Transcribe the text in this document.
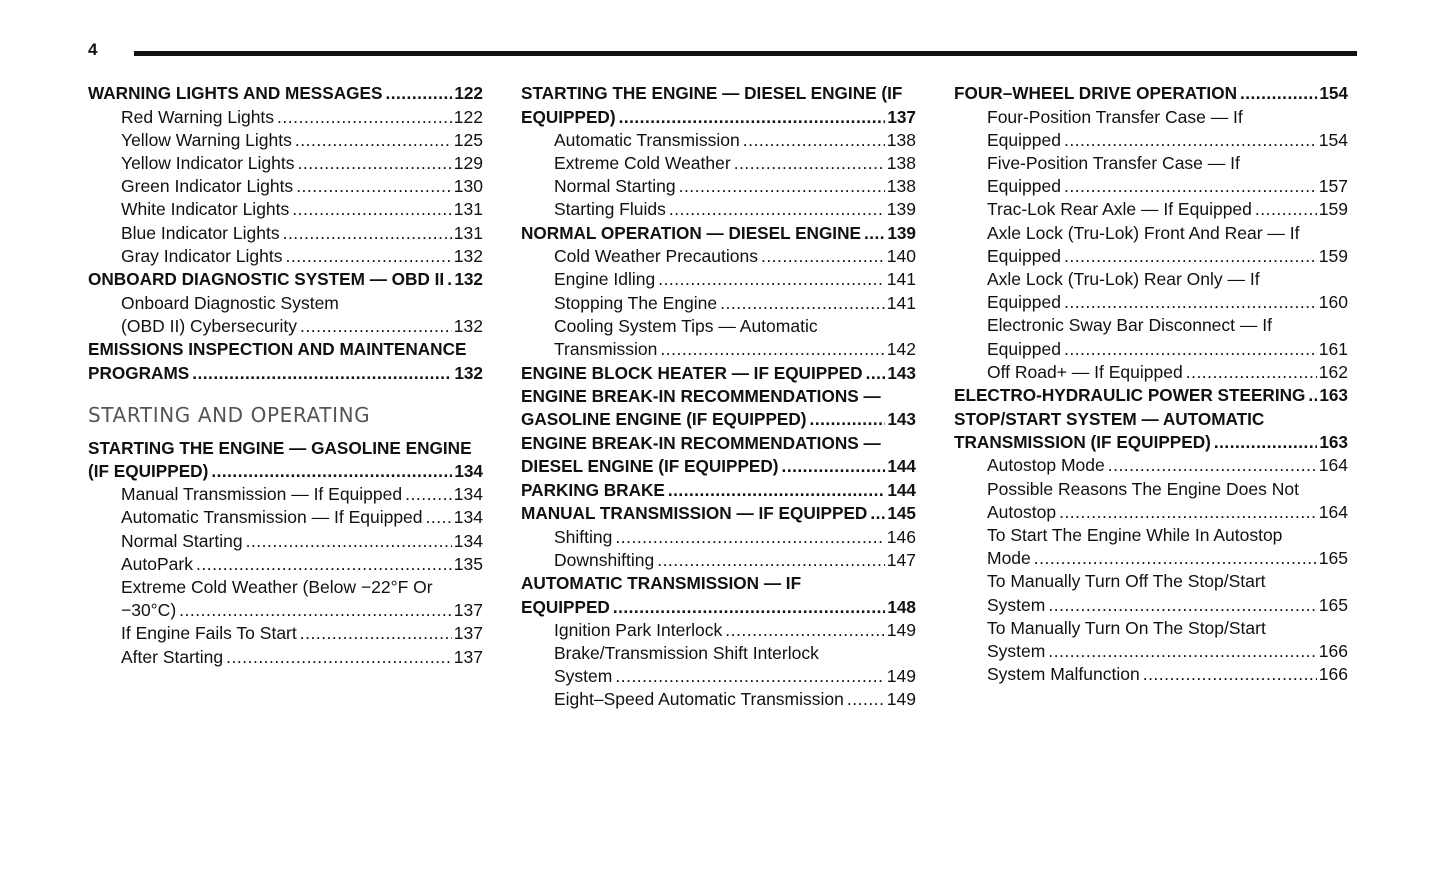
4
WARNING LIGHTS AND MESSAGES .....	122
Red Warning Lights .....	122
Yellow Warning Lights .....	125
Yellow Indicator Lights .....	129
Green Indicator Lights .....	130
White Indicator Lights .....	131
Blue Indicator Lights .....	131
Gray Indicator Lights .....	132
ONBOARD DIAGNOSTIC SYSTEM — OBD II ..... 132
Onboard Diagnostic System
(OBD II) Cybersecurity .....	132
EMISSIONS INSPECTION AND MAINTENANCE
PROGRAMS .....	132
STARTING AND OPERATING
STARTING THE ENGINE — GASOLINE ENGINE
(IF EQUIPPED) .....	134
Manual Transmission — If Equipped .....	134
Automatic Transmission — If Equipped ..... 134
Normal Starting .....	134
AutoPark .....	135
Extreme Cold Weather (Below −22°F Or
−30°C) .....	137
If Engine Fails To Start .....	137
After Starting .....	137
STARTING THE ENGINE — DIESEL ENGINE (IF
EQUIPPED) .....	137
Automatic Transmission .....	138
Extreme Cold Weather .....	138
Normal Starting .....	138
Starting Fluids .....	139
NORMAL OPERATION — DIESEL ENGINE ..... 139
Cold Weather Precautions .....	140
Engine Idling .....	141
Stopping The Engine .....	141
Cooling System Tips — Automatic
Transmission .....	142
ENGINE BLOCK HEATER — IF EQUIPPED ..... 143
ENGINE BREAK-IN RECOMMENDATIONS —
GASOLINE ENGINE (IF EQUIPPED) .....	143
ENGINE BREAK-IN RECOMMENDATIONS —
DIESEL ENGINE (IF EQUIPPED) .....	144
PARKING BRAKE .....	144
MANUAL TRANSMISSION — IF EQUIPPED ..... 145
Shifting .....	146
Downshifting .....	147
AUTOMATIC TRANSMISSION — IF
EQUIPPED .....	148
Ignition Park Interlock .....	149
Brake/Transmission Shift Interlock
System .....	149
Eight–Speed Automatic Transmission ..... 149
FOUR–WHEEL DRIVE OPERATION .....	154
Four-Position Transfer Case — If
Equipped .....	154
Five-Position Transfer Case — If
Equipped .....	157
Trac-Lok Rear Axle — If Equipped .....	159
Axle Lock (Tru-Lok) Front And Rear — If
Equipped .....	159
Axle Lock (Tru-Lok) Rear Only — If
Equipped .....	160
Electronic Sway Bar Disconnect — If
Equipped .....	161
Off Road+ — If Equipped .....	162
ELECTRO-HYDRAULIC POWER STEERING ..... 163
STOP/START SYSTEM — AUTOMATIC
TRANSMISSION (IF EQUIPPED) .....	163
Autostop Mode .....	164
Possible Reasons The Engine Does Not
Autostop .....	164
To Start The Engine While In Autostop
Mode .....	165
To Manually Turn Off The Stop/Start
System .....	165
To Manually Turn On The Stop/Start
System .....	166
System Malfunction .....	166
